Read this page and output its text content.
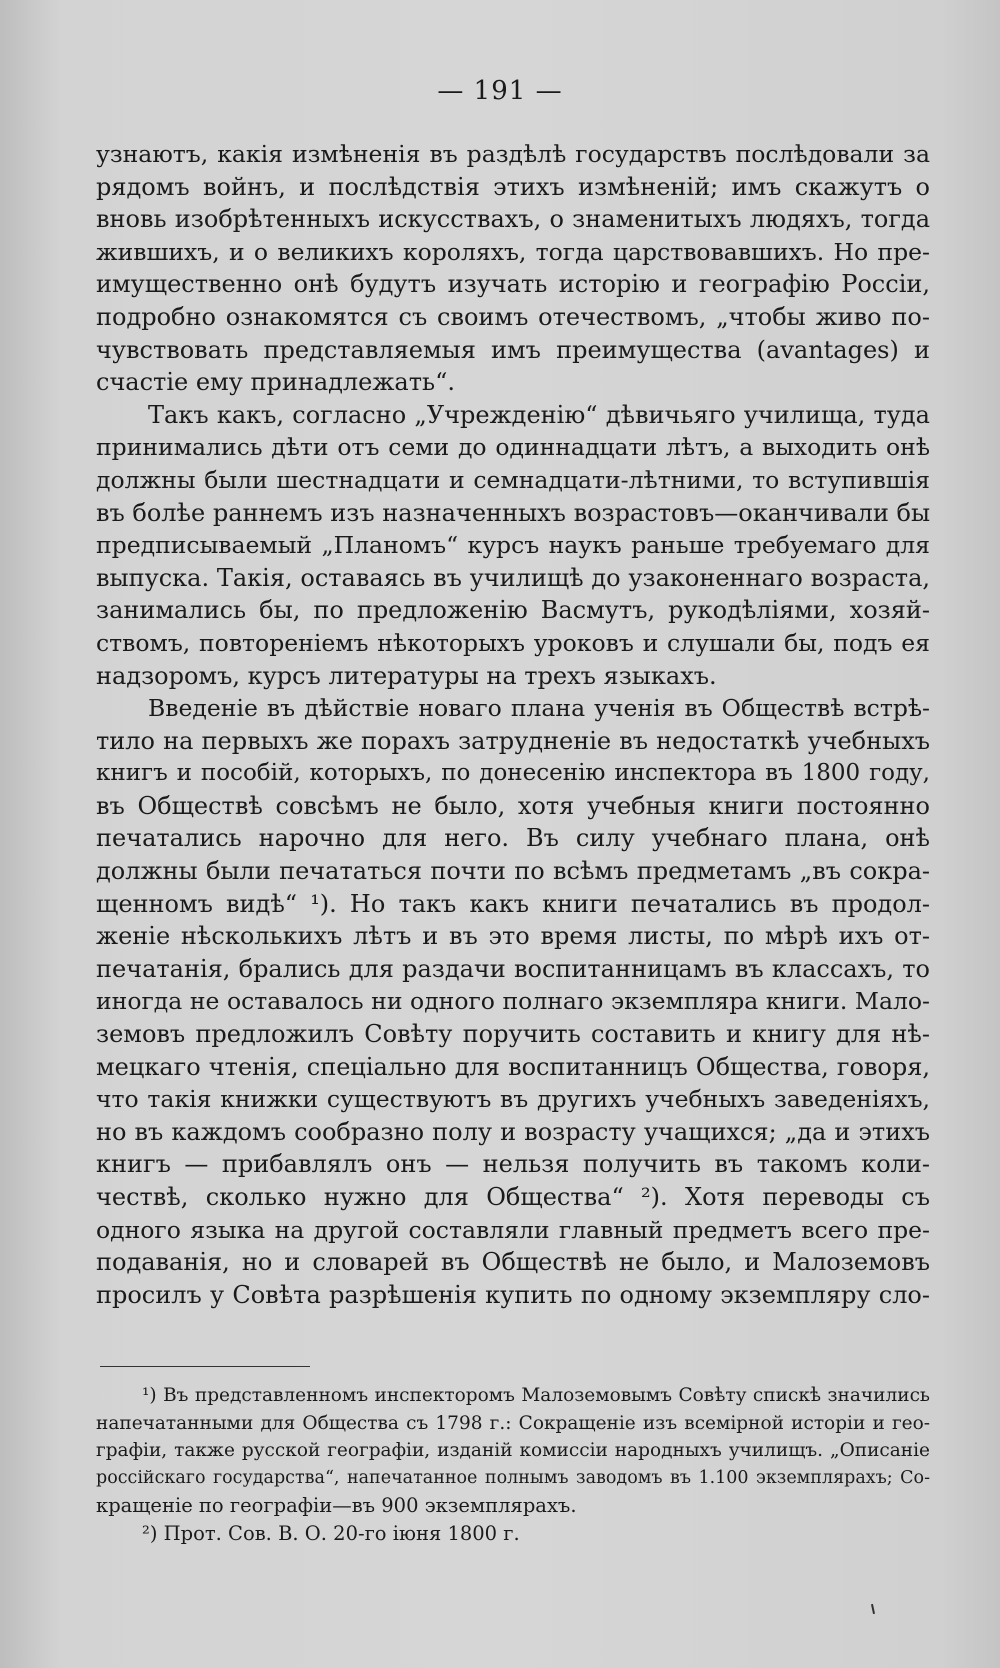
— 191 —
узнаютъ, какія измѣненія въ раздѣлѣ государствъ послѣдовали за
рядомъ войнъ, и послѣдствія этихъ измѣненій; имъ скажутъ о
вновь изобрѣтенныхъ искусствахъ, о знаменитыхъ людяхъ, тогда
жившихъ, и о великихъ короляхъ, тогда царствовавшихъ. Но пре-
имущественно онѣ будутъ изучать исторію и географію Россіи,
подробно ознакомятся съ своимъ отечествомъ, „чтобы живо по-
чувствовать представляемыя имъ преимущества (avantages) и
счастіе ему принадлежать“.
Такъ какъ, согласно „Учрежденію“ дѣвичьяго училища, туда
принимались дѣти отъ семи до одиннадцати лѣтъ, а выходить онѣ
должны были шестнадцати и семнадцати-лѣтними, то вступившія
въ болѣе раннемъ изъ назначенныхъ возрастовъ—оканчивали бы
предписываемый „Планомъ“ курсъ наукъ раньше требуемаго для
выпуска. Такія, оставаясь въ училищѣ до узаконеннаго возраста,
занимались бы, по предложенію Васмутъ, рукодѣліями, хозяй-
ствомъ, повтореніемъ нѣкоторыхъ уроковъ и слушали бы, подъ ея
надзоромъ, курсъ литературы на трехъ языкахъ.
Введеніе въ дѣйствіе новаго плана ученія въ Обществѣ встрѣ-
тило на первыхъ же порахъ затрудненіе въ недостаткѣ учебныхъ
книгъ и пособій, которыхъ, по донесенію инспектора въ 1800 году,
въ Обществѣ совсѣмъ не было, хотя учебныя книги постоянно
печатались нарочно для него. Въ силу учебнаго плана, онѣ
должны были печататься почти по всѣмъ предметамъ „въ сокра-
щенномъ видѣ“ ¹). Но такъ какъ книги печатались въ продол-
женіе нѣсколькихъ лѣтъ и въ это время листы, по мѣрѣ ихъ от-
печатанія, брались для раздачи воспитанницамъ въ классахъ, то
иногда не оставалось ни одного полнаго экземпляра книги. Мало-
земовъ предложилъ Совѣту поручить составить и книгу для нѣ-
мецкаго чтенія, спеціально для воспитанницъ Общества, говоря,
что такія книжки существуютъ въ другихъ учебныхъ заведеніяхъ,
но въ каждомъ сообразно полу и возрасту учащихся; „да и этихъ
книгъ — прибавлялъ онъ — нельзя получить въ такомъ коли-
чествѣ, сколько нужно для Общества“ ²). Хотя переводы съ
одного языка на другой составляли главный предметъ всего пре-
подаванія, но и словарей въ Обществѣ не было, и Малоземовъ
просилъ у Совѣта разрѣшенія купить по одному экземпляру сло-
¹) Въ представленномъ инспекторомъ Малоземовымъ Совѣту спискѣ значились
напечатанными для Общества съ 1798 г.: Сокращеніе изъ всемірной исторіи и гео-
графіи, также русской географіи, изданій комиссіи народныхъ училищъ. „Описаніе
россійскаго государства“, напечатанное полнымъ заводомъ въ 1.100 экземплярахъ; Со-
кращеніе по географіи—въ 900 экземплярахъ.
²) Прот. Сов. В. О. 20-го іюня 1800 г.
